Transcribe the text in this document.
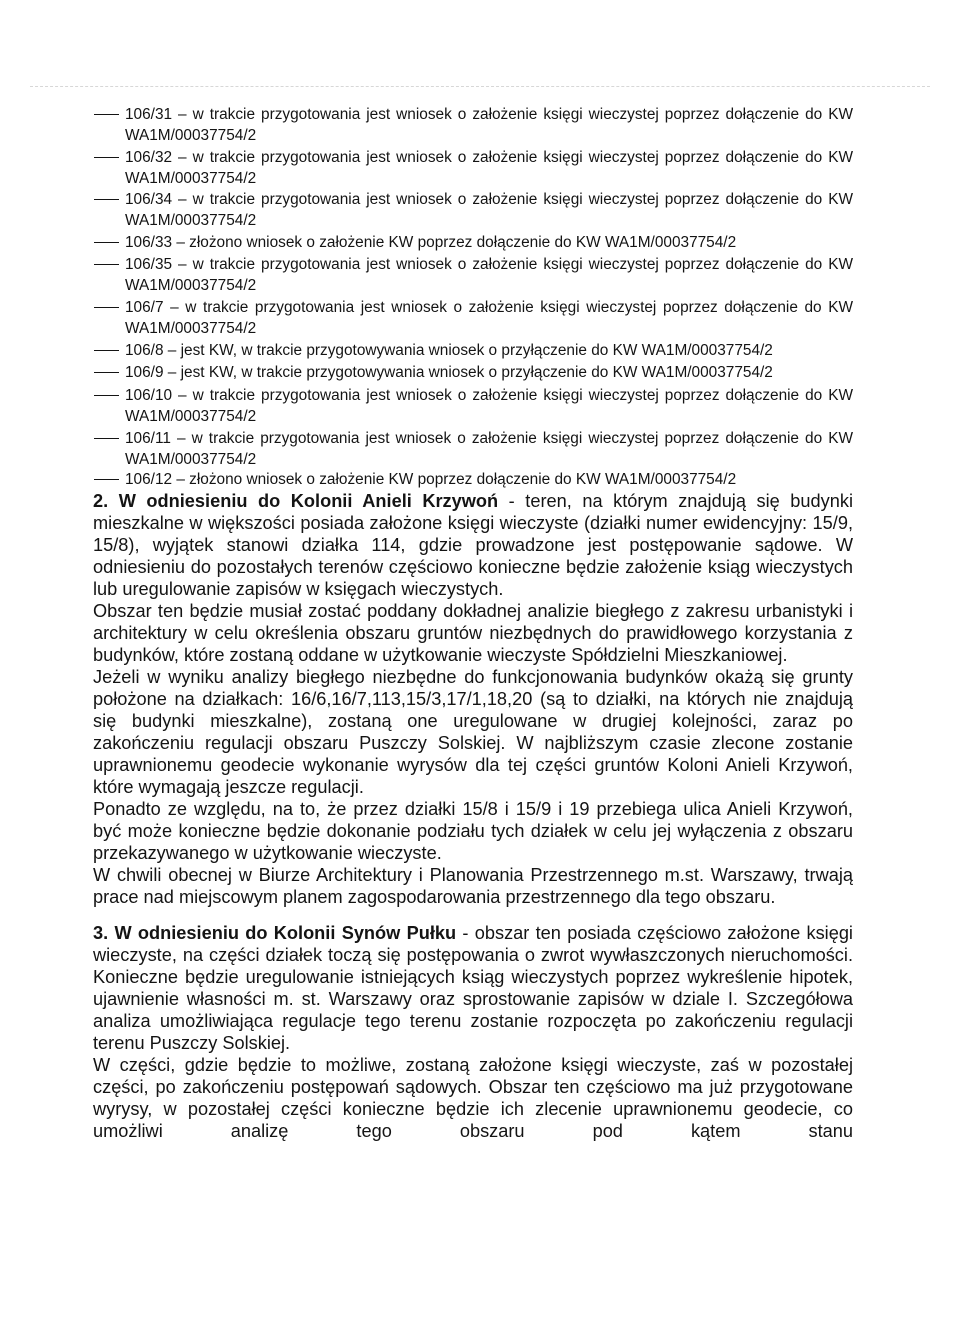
106/31 – w trakcie przygotowania jest wniosek o założenie księgi wieczystej poprzez dołączenie do KW WA1M/00037754/2
106/32 – w trakcie przygotowania jest wniosek o założenie księgi wieczystej poprzez dołączenie do KW WA1M/00037754/2
106/34 – w trakcie przygotowania jest wniosek o założenie księgi wieczystej poprzez dołączenie do KW WA1M/00037754/2
106/33 – złożono wniosek o założenie KW poprzez dołączenie do KW WA1M/00037754/2
106/35 – w trakcie przygotowania jest wniosek o założenie księgi wieczystej poprzez dołączenie do KW WA1M/00037754/2
106/7 – w trakcie przygotowania jest wniosek o założenie księgi wieczystej poprzez dołączenie do KW WA1M/00037754/2
106/8 – jest KW, w trakcie przygotowywania wniosek o przyłączenie do KW WA1M/00037754/2
106/9 – jest KW, w trakcie przygotowywania wniosek o przyłączenie do KW WA1M/00037754/2
106/10 – w trakcie przygotowania jest wniosek o założenie księgi wieczystej poprzez dołączenie do KW WA1M/00037754/2
106/11 – w trakcie przygotowania jest wniosek o założenie księgi wieczystej poprzez dołączenie do KW WA1M/00037754/2
106/12 – złożono wniosek o założenie KW poprzez dołączenie do KW WA1M/00037754/2

2. W odniesieniu do Kolonii Anieli Krzywoń - teren, na którym znajdują się budynki mieszkalne w większości posiada założone księgi wieczyste (działki numer ewidencyjny: 15/9, 15/8), wyjątek stanowi działka 114, gdzie prowadzone jest postępowanie sądowe. W odniesieniu do pozostałych terenów częściowo konieczne będzie założenie ksiąg wieczystych lub uregulowanie zapisów w księgach wieczystych.

Obszar ten będzie musiał zostać poddany dokładnej analizie biegłego z zakresu urbanistyki i architektury w celu określenia obszaru gruntów niezbędnych do prawidłowego korzystania z budynków, które zostaną oddane w użytkowanie wieczyste Spółdzielni Mieszkaniowej.

Jeżeli w wyniku analizy biegłego niezbędne do funkcjonowania budynków okażą się grunty położone na działkach: 16/6,16/7,113,15/3,17/1,18,20 (są to działki, na których nie znajdują się budynki mieszkalne), zostaną one uregulowane w drugiej kolejności, zaraz po zakończeniu regulacji obszaru Puszczy Solskiej. W najbliższym czasie zlecone zostanie uprawnionemu geodecie wykonanie wyrysów dla tej części gruntów Koloni Anieli Krzywoń, które wymagają jeszcze regulacji.

Ponadto ze względu, na to, że przez działki 15/8 i 15/9 i 19 przebiega ulica Anieli Krzywoń, być może konieczne będzie dokonanie podziału tych działek w celu jej wyłączenia z obszaru przekazywanego w użytkowanie wieczyste.

W chwili obecnej w Biurze Architektury i Planowania Przestrzennego m.st. Warszawy, trwają prace nad miejscowym planem zagospodarowania przestrzennego dla tego obszaru.

3. W odniesieniu do Kolonii Synów Pułku - obszar ten posiada częściowo założone księgi wieczyste, na części działek toczą się postępowania o zwrot wywłaszczonych nieruchomości. Konieczne będzie uregulowanie istniejących ksiąg wieczystych poprzez wykreślenie hipotek, ujawnienie własności m. st. Warszawy oraz sprostowanie zapisów w dziale I. Szczegółowa analiza umożliwiająca regulacje tego terenu zostanie rozpoczęta po zakończeniu regulacji terenu Puszczy Solskiej.

W części, gdzie będzie to możliwe, zostaną założone księgi wieczyste, zaś w pozostałej części, po zakończeniu postępowań sądowych. Obszar ten częściowo ma już przygotowane wyrysy, w pozostałej części konieczne będzie ich zlecenie uprawnionemu geodecie, co umożliwi analizę tego obszaru pod kątem stanu
